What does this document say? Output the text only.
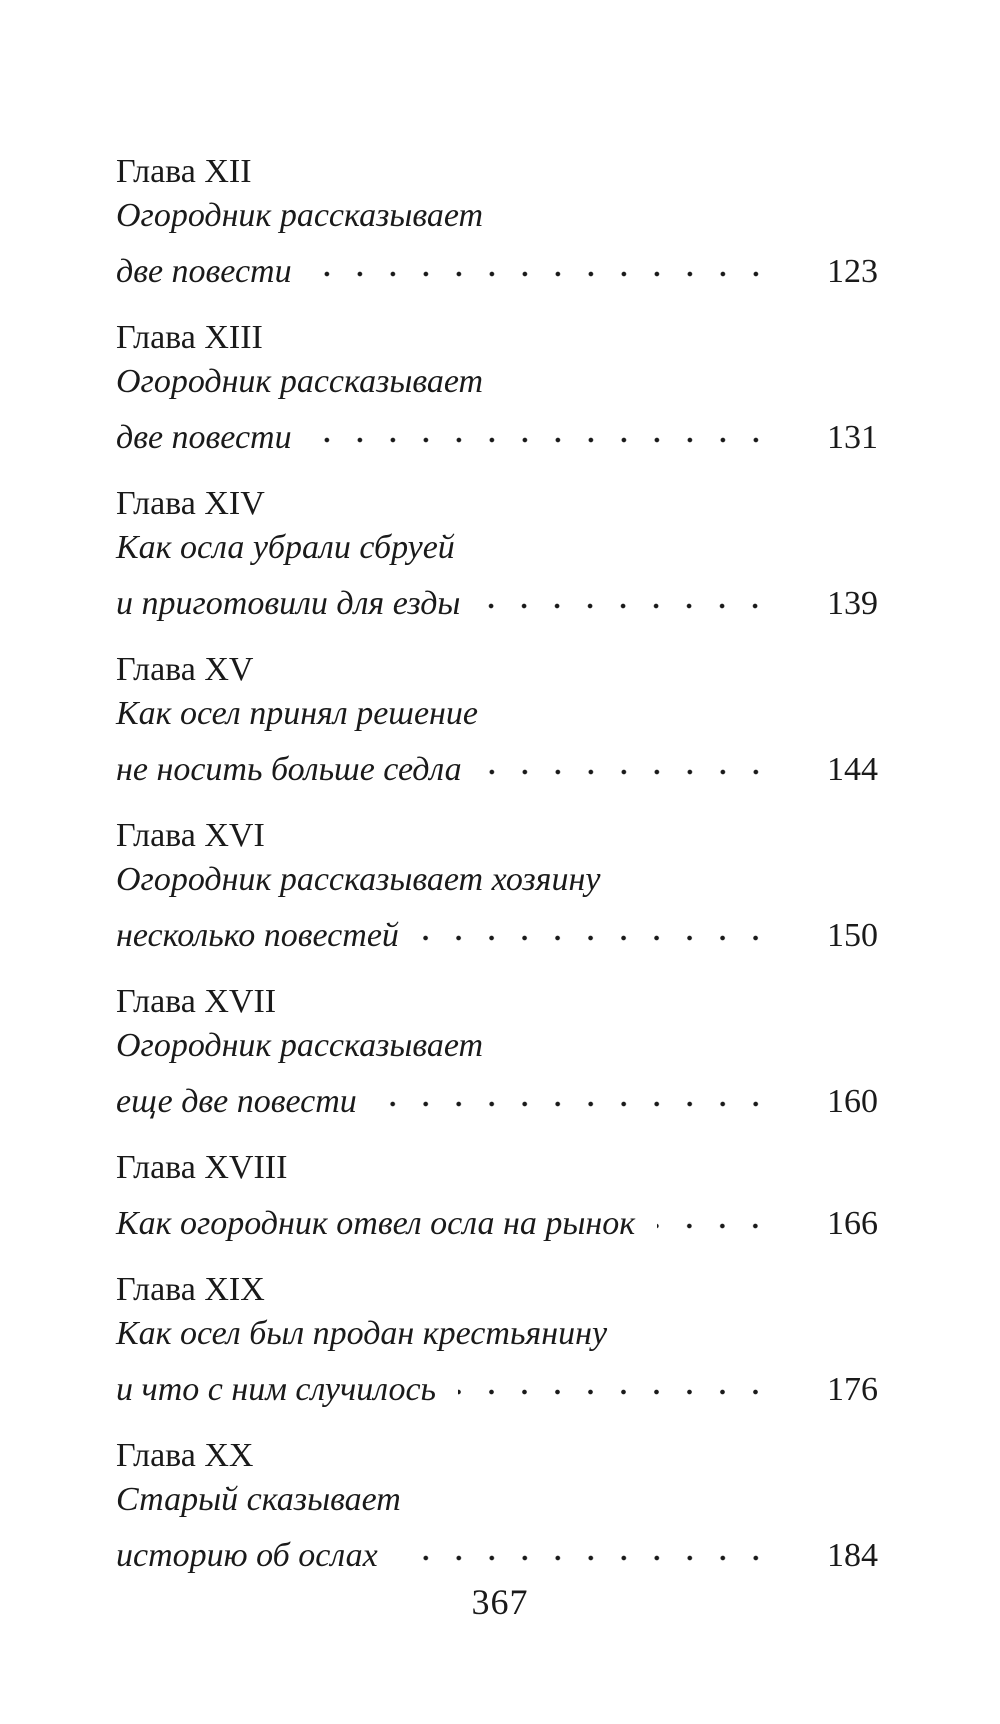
Глава XII
Огородник рассказывает
две повести	123
Глава XIII
Огородник рассказывает
две повести	131
Глава XIV
Как осла убрали сбруей
и приготовили для езды	139
Глава XV
Как осел принял решение
не носить больше седла	144
Глава XVI
Огородник рассказывает хозяину
несколько повестей	150
Глава XVII
Огородник рассказывает
еще две повести	160
Глава XVIII
Как огородник отвел осла на рынок	166
Глава XIX
Как осел был продан крестьянину
и что с ним случилось	176
Глава XX
Старый сказывает
историю об ослах	184
367
